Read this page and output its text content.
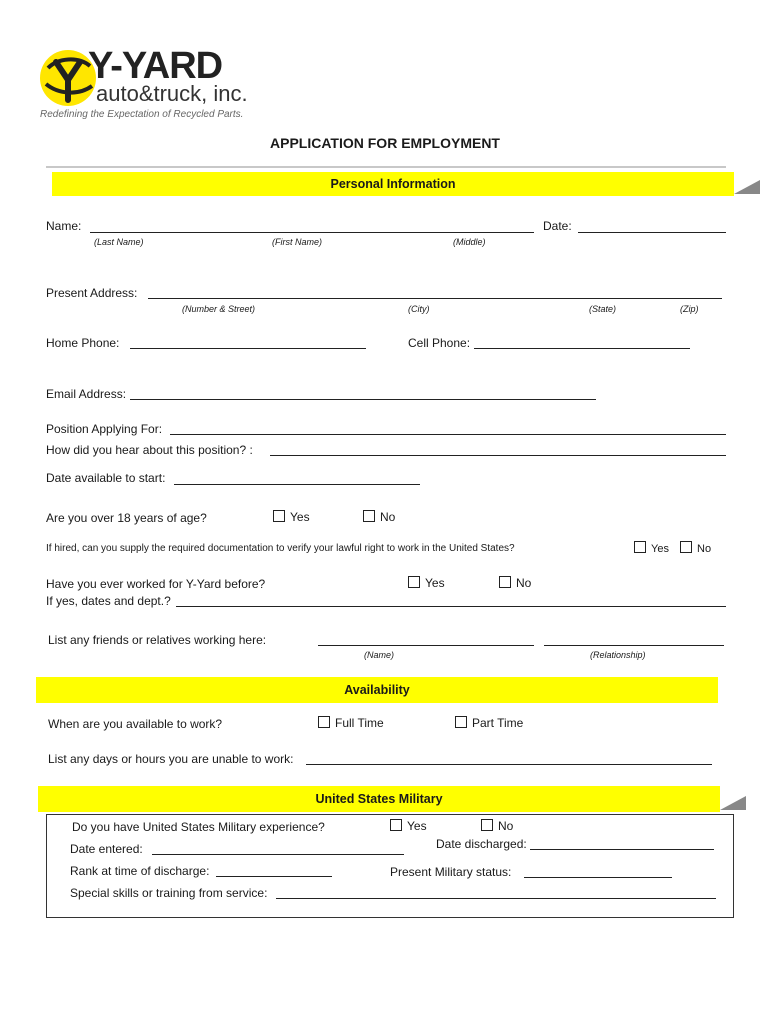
Y-YARD
auto&truck, inc.
Redefining the Expectation of Recycled Parts.
APPLICATION FOR EMPLOYMENT
Personal Information
Name:	Date:
(Last Name)	(First Name)	(Middle)
Present Address:
(Number & Street)	(City)	(State)	(Zip)
Home Phone:	Cell Phone:
Email Address:
Position Applying For:
How did you hear about this position? :
Date available to start:
Are you over 18 years of age?	Yes	No
If hired, can you supply the required documentation to verify your lawful right to work in the United States?	Yes	No
Have you ever worked for Y-Yard before?	Yes	No
If yes, dates and dept.?
List any friends or relatives working here:
(Name)	(Relationship)
Availability
When are you available to work?	Full Time	Part Time
List any days or hours you are unable to work:
United States Military
Do you have United States Military experience?	Yes	No
Date entered:	Date discharged:
Rank at time of discharge:	Present Military status:
Special skills or training from service:
